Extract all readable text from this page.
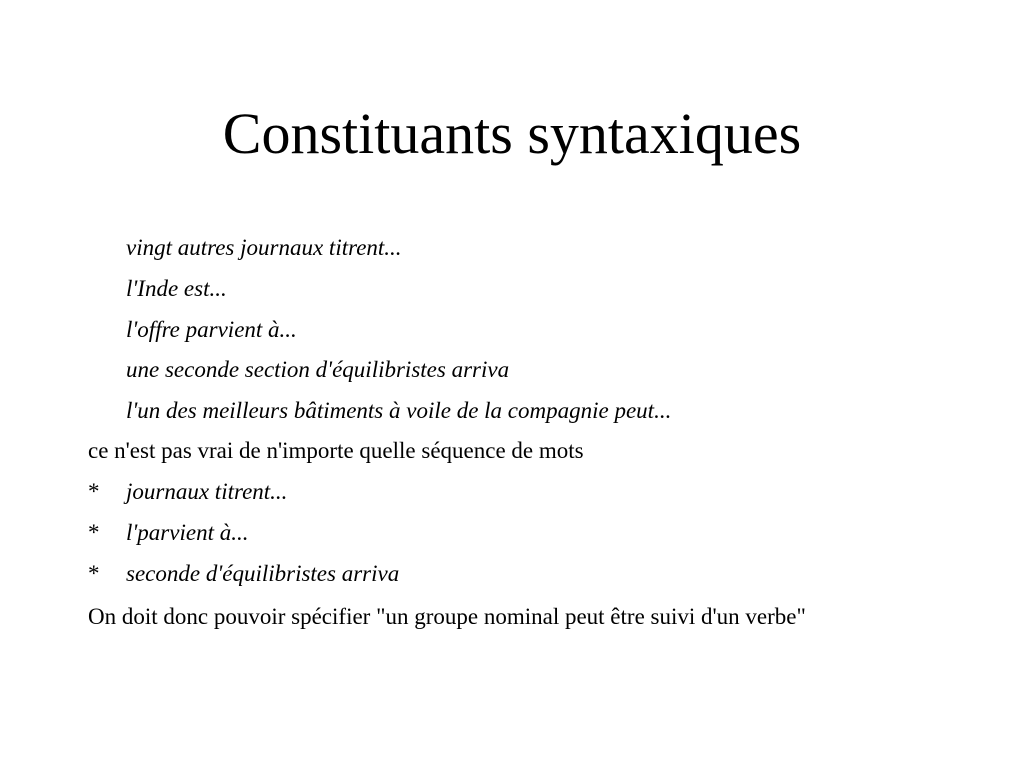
Constituants syntaxiques

vingt autres journaux titrent...

l'Inde est...

l'offre parvient à...

une seconde section d'équilibristes arriva

l'un des meilleurs bâtiments à voile de la compagnie peut...

ce n'est pas vrai de n'importe quelle séquence de mots

* journaux titrent...

* l'parvient à...

* seconde d'équilibristes arriva

On doit donc pouvoir spécifier "un groupe nominal peut être suivi d'un verbe"
